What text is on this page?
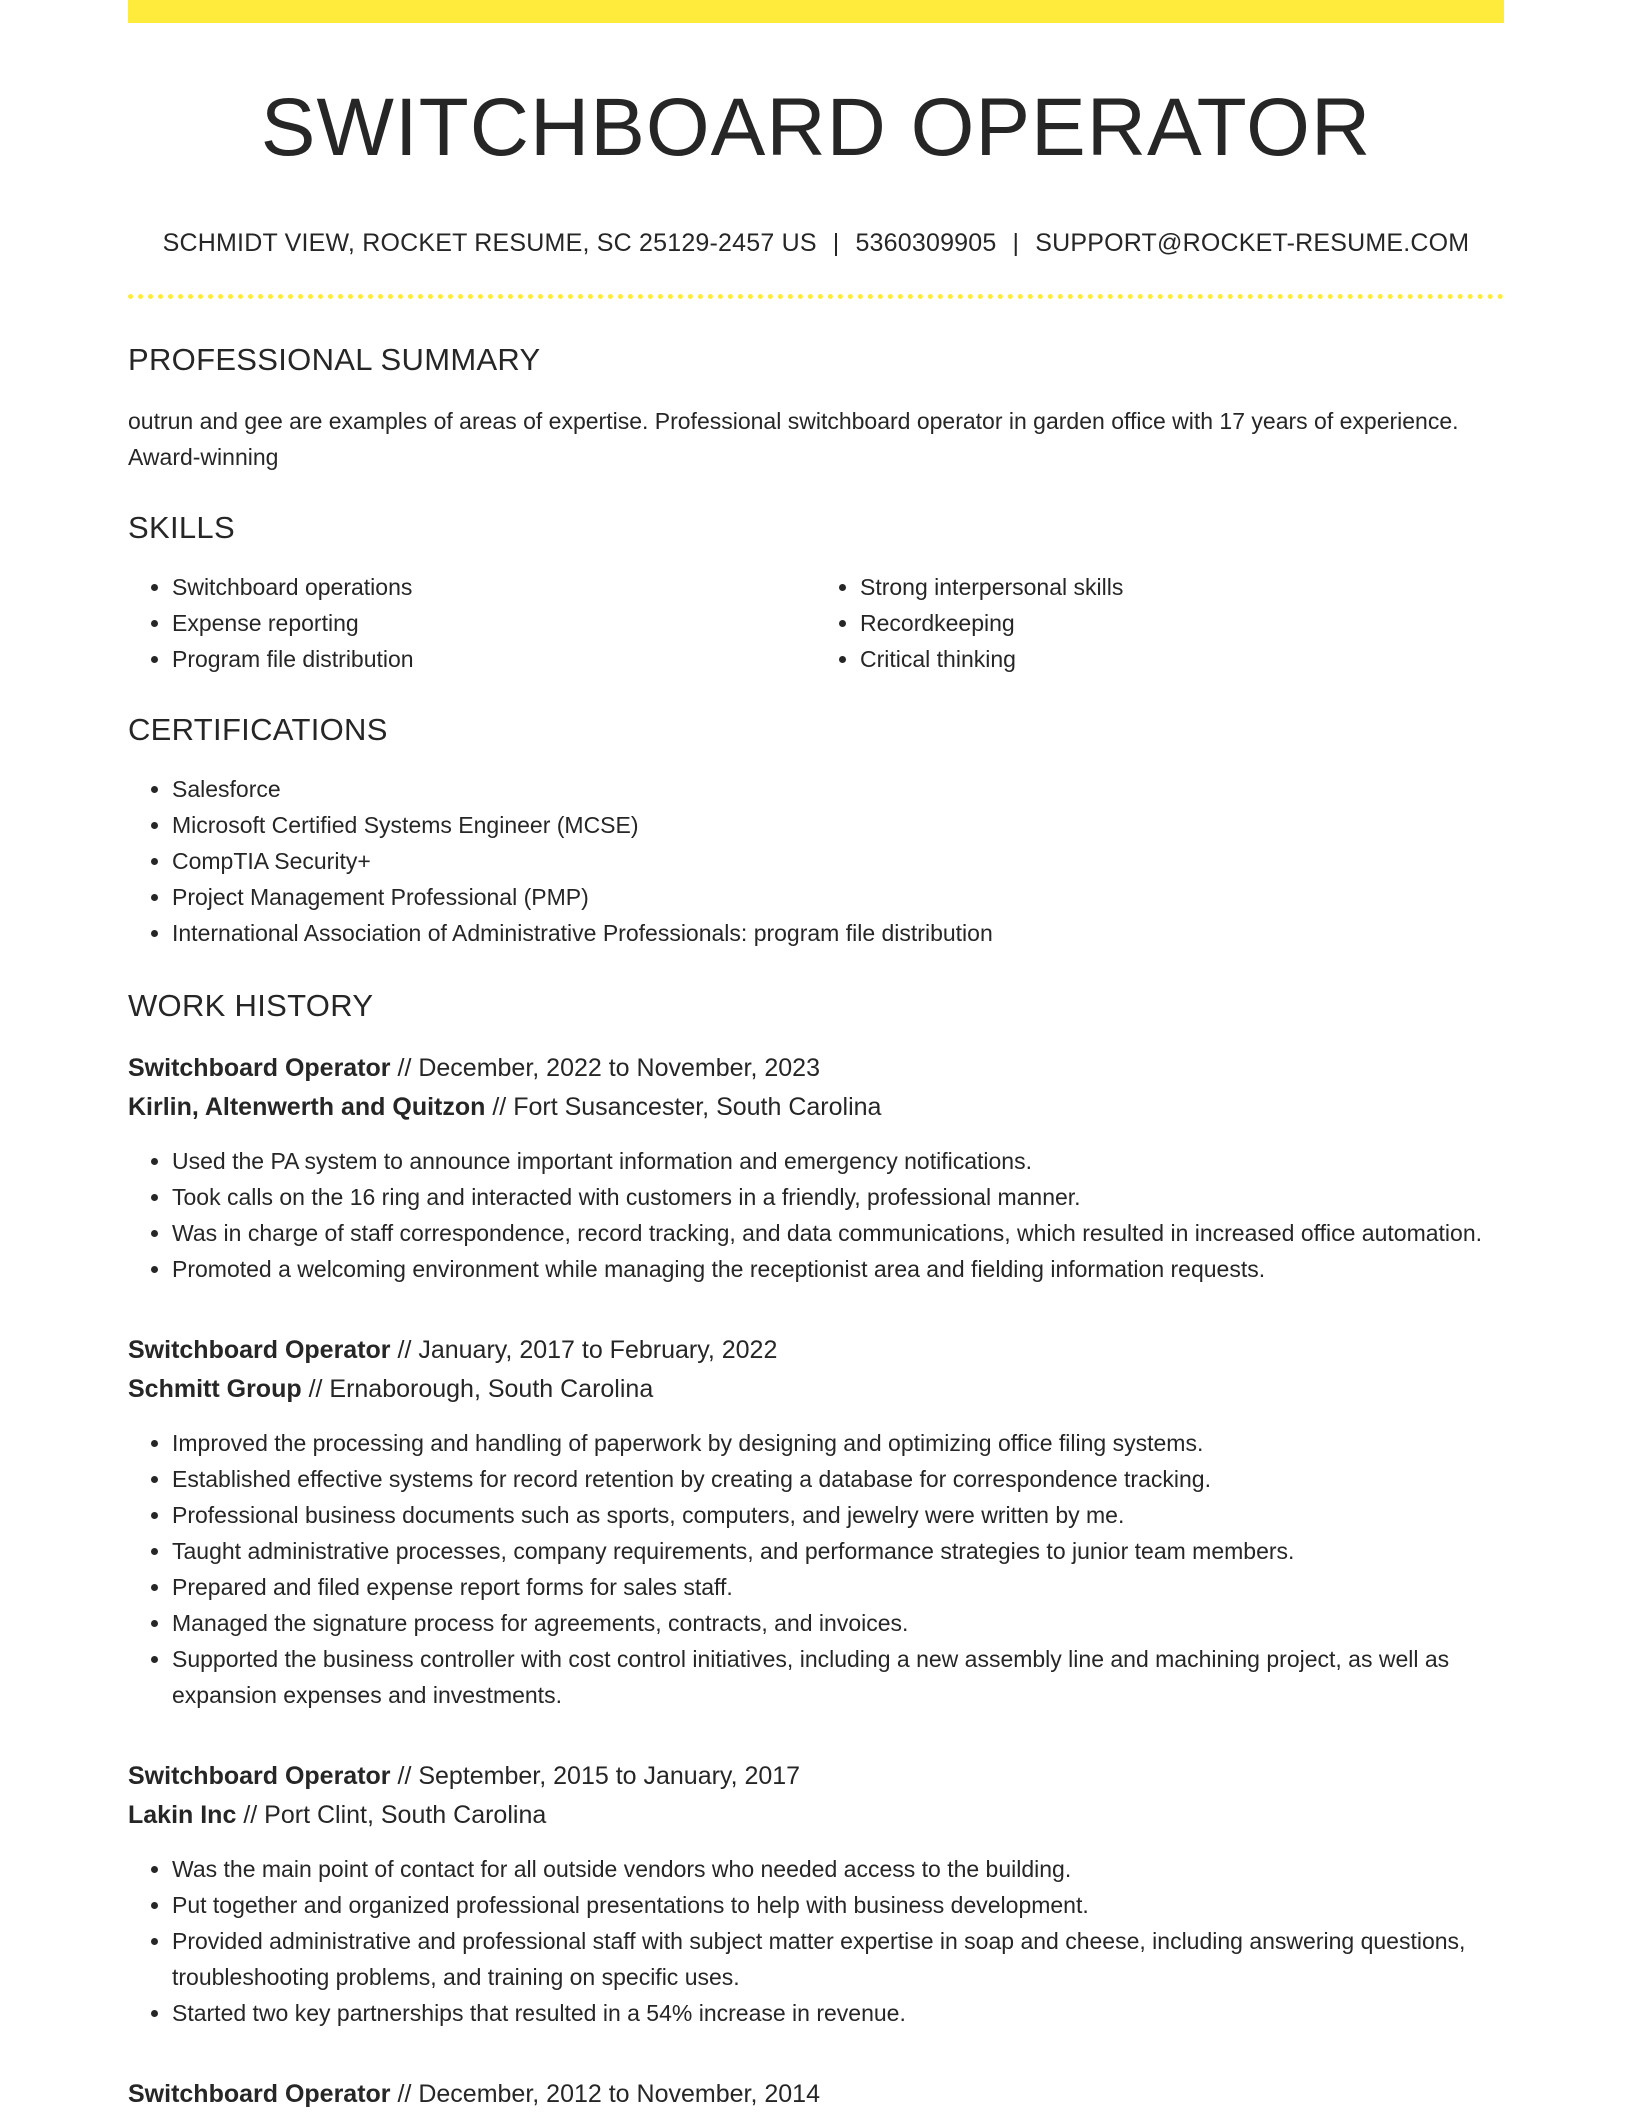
SWITCHBOARD OPERATOR
SCHMIDT VIEW, ROCKET RESUME, SC 25129-2457 US | 5360309905 | SUPPORT@ROCKET-RESUME.COM
PROFESSIONAL SUMMARY
outrun and gee are examples of areas of expertise. Professional switchboard operator in garden office with 17 years of experience. Award-winning
SKILLS
• Switchboard operations
• Expense reporting
• Program file distribution
• Strong interpersonal skills
• Recordkeeping
• Critical thinking
CERTIFICATIONS
• Salesforce
• Microsoft Certified Systems Engineer (MCSE)
• CompTIA Security+
• Project Management Professional (PMP)
• International Association of Administrative Professionals: program file distribution
WORK HISTORY
Switchboard Operator // December, 2022 to November, 2023
Kirlin, Altenwerth and Quitzon // Fort Susancester, South Carolina
• Used the PA system to announce important information and emergency notifications.
• Took calls on the 16 ring and interacted with customers in a friendly, professional manner.
• Was in charge of staff correspondence, record tracking, and data communications, which resulted in increased office automation.
• Promoted a welcoming environment while managing the receptionist area and fielding information requests.
Switchboard Operator // January, 2017 to February, 2022
Schmitt Group // Ernaborough, South Carolina
• Improved the processing and handling of paperwork by designing and optimizing office filing systems.
• Established effective systems for record retention by creating a database for correspondence tracking.
• Professional business documents such as sports, computers, and jewelry were written by me.
• Taught administrative processes, company requirements, and performance strategies to junior team members.
• Prepared and filed expense report forms for sales staff.
• Managed the signature process for agreements, contracts, and invoices.
• Supported the business controller with cost control initiatives, including a new assembly line and machining project, as well as expansion expenses and investments.
Switchboard Operator // September, 2015 to January, 2017
Lakin Inc // Port Clint, South Carolina
• Was the main point of contact for all outside vendors who needed access to the building.
• Put together and organized professional presentations to help with business development.
• Provided administrative and professional staff with subject matter expertise in soap and cheese, including answering questions, troubleshooting problems, and training on specific uses.
• Started two key partnerships that resulted in a 54% increase in revenue.
Switchboard Operator // December, 2012 to November, 2014
